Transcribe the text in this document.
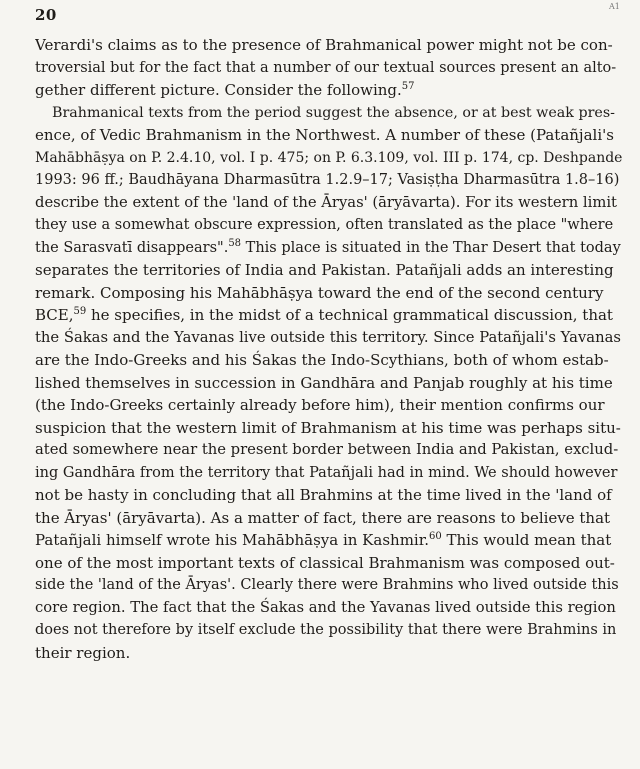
20	A1
Verardi's claims as to the presence of Brahmanical power might not be con-
troversial but for the fact that a number of our textual sources present an alto-
gether different picture. Consider the following.$^{57}$
Brahmanical texts from the period suggest the absence, or at best weak pres-
ence, of Vedic Brahmanism in the Northwest. A number of these (Patañjali's
Mahābhāṣya on P. 2.4.10, vol. I p. 475; on P. 6.3.109, vol. III p. 174, cp. Deshpande
1993: 96 ff.; Baudhāyana Dharmasūtra 1.2.9–17; Vasiṣṭha Dharmasūtra 1.8–16)
describe the extent of the 'land of the Āryas' (āryāvarta). For its western limit
they use a somewhat obscure expression, often translated as the place "where
the Sarasvatī disappears".$^{58}$ This place is situated in the Thar Desert that today
separates the territories of India and Pakistan. Patañjali adds an interesting
remark. Composing his Mahābhāṣya toward the end of the second century
BCE,$^{59}$ he specifies, in the midst of a technical grammatical discussion, that
the Śakas and the Yavanas live outside this territory. Since Patañjali's Yavanas
are the Indo-Greeks and his Śakas the Indo-Scythians, both of whom estab-
lished themselves in succession in Gandhāra and Panjab roughly at his time
(the Indo-Greeks certainly already before him), their mention confirms our
suspicion that the western limit of Brahmanism at his time was perhaps situ-
ated somewhere near the present border between India and Pakistan, exclud-
ing Gandhāra from the territory that Patañjali had in mind. We should however
not be hasty in concluding that all Brahmins at the time lived in the 'land of
the Āryas' (āryāvarta). As a matter of fact, there are reasons to believe that
Patañjali himself wrote his Mahābhāṣya in Kashmir.$^{60}$ This would mean that
one of the most important texts of classical Brahmanism was composed out-
side the 'land of the Āryas'. Clearly there were Brahmins who lived outside this
core region. The fact that the Śakas and the Yavanas lived outside this region
does not therefore by itself exclude the possibility that there were Brahmins in
their region.
